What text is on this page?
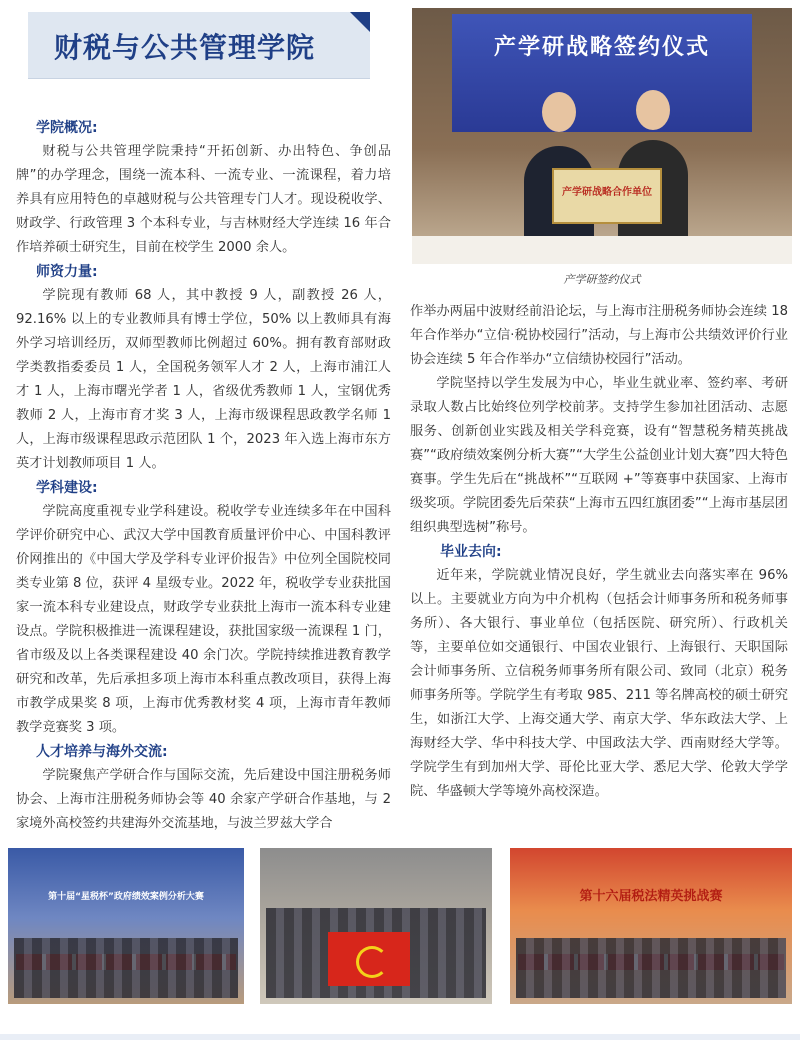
财税与公共管理学院
学院概况:

财税与公共管理学院秉持“开拓创新、办出特色、争创品牌”的办学理念，围绕一流本科、一流专业、一流课程，着力培养具有应用特色的卓越财税与公共管理专门人才。现设税收学、财政学、行政管理 3 个本科专业，与吉林财经大学连续 16 年合作培养硕士研究生，目前在校学生 2000 余人。

师资力量:

学院现有教师 68 人，其中教授 9 人，副教授 26 人，92.16% 以上的专业教师具有博士学位，50% 以上教师具有海外学习培训经历，双师型教师比例超过 60%。拥有教育部财政学类教指委委员 1 人，全国税务领军人才 2 人，上海市浦江人才 1 人，上海市曙光学者 1 人，省级优秀教师 1 人，宝钢优秀教师 2 人，上海市育才奖 3 人，上海市级课程思政教学名师 1 人，上海市级课程思政示范团队 1 个，2023 年入选上海市东方英才计划教师项目 1 人。

学科建设:

学院高度重视专业学科建设。税收学专业连续多年在中国科学评价研究中心、武汉大学中国教育质量评价中心、中国科教评价网推出的《中国大学及学科专业评价报告》中位列全国院校同类专业第 8 位，获评 4 星级专业。2022 年，税收学专业获批国家一流本科专业建设点，财政学专业获批上海市一流本科专业建设点。学院积极推进一流课程建设，获批国家级一流课程 1 门，省市级及以上各类课程建设 40 余门次。学院持续推进教育教学研究和改革，先后承担多项上海市本科重点教改项目，获得上海市教学成果奖 8 项，上海市优秀教材奖 4 项，上海市青年教师教学竞赛奖 3 项。

人才培养与海外交流:

学院聚焦产学研合作与国际交流，先后建设中国注册税务师协会、上海市注册税务师协会等 40 余家产学研合作基地，与 2 家境外高校签约共建海外交流基地，与波兰罗兹大学合

产学研战略签约仪式
产学研战略合作单位
产学研签约仪式

作举办两届中波财经前沿论坛，与上海市注册税务师协会连续 18 年合作举办“立信·税协校园行”活动，与上海市公共绩效评价行业协会连续 5 年合作举办“立信绩协校园行”活动。

学院坚持以学生发展为中心，毕业生就业率、签约率、考研录取人数占比始终位列学校前茅。支持学生参加社团活动、志愿服务、创新创业实践及相关学科竞赛，设有“智慧税务精英挑战赛”“政府绩效案例分析大赛”“大学生公益创业计划大赛”四大特色赛事。学生先后在“挑战杯”“互联网 +”等赛事中获国家、上海市级奖项。学院团委先后荣获“上海市五四红旗团委”“上海市基层团组织典型选树”称号。

毕业去向:

近年来，学院就业情况良好，学生就业去向落实率在 96% 以上。主要就业方向为中介机构（包括会计师事务所和税务师事务所）、各大银行、事业单位（包括医院、研究所）、行政机关等，主要单位如交通银行、中国农业银行、上海银行、天职国际会计师事务所、立信税务师事务所有限公司、致同（北京）税务师事务所等。学院学生有考取 985、211 等名牌高校的硕士研究生，如浙江大学、上海交通大学、南京大学、华东政法大学、上海财经大学、华中科技大学、中国政法大学、西南财经大学等。学院学生有到加州大学、哥伦比亚大学、悉尼大学、伦敦大学学院、华盛顿大学等境外高校深造。

第十届“星税杯”政府绩效案例分析大赛	第十六届税法精英挑战赛
